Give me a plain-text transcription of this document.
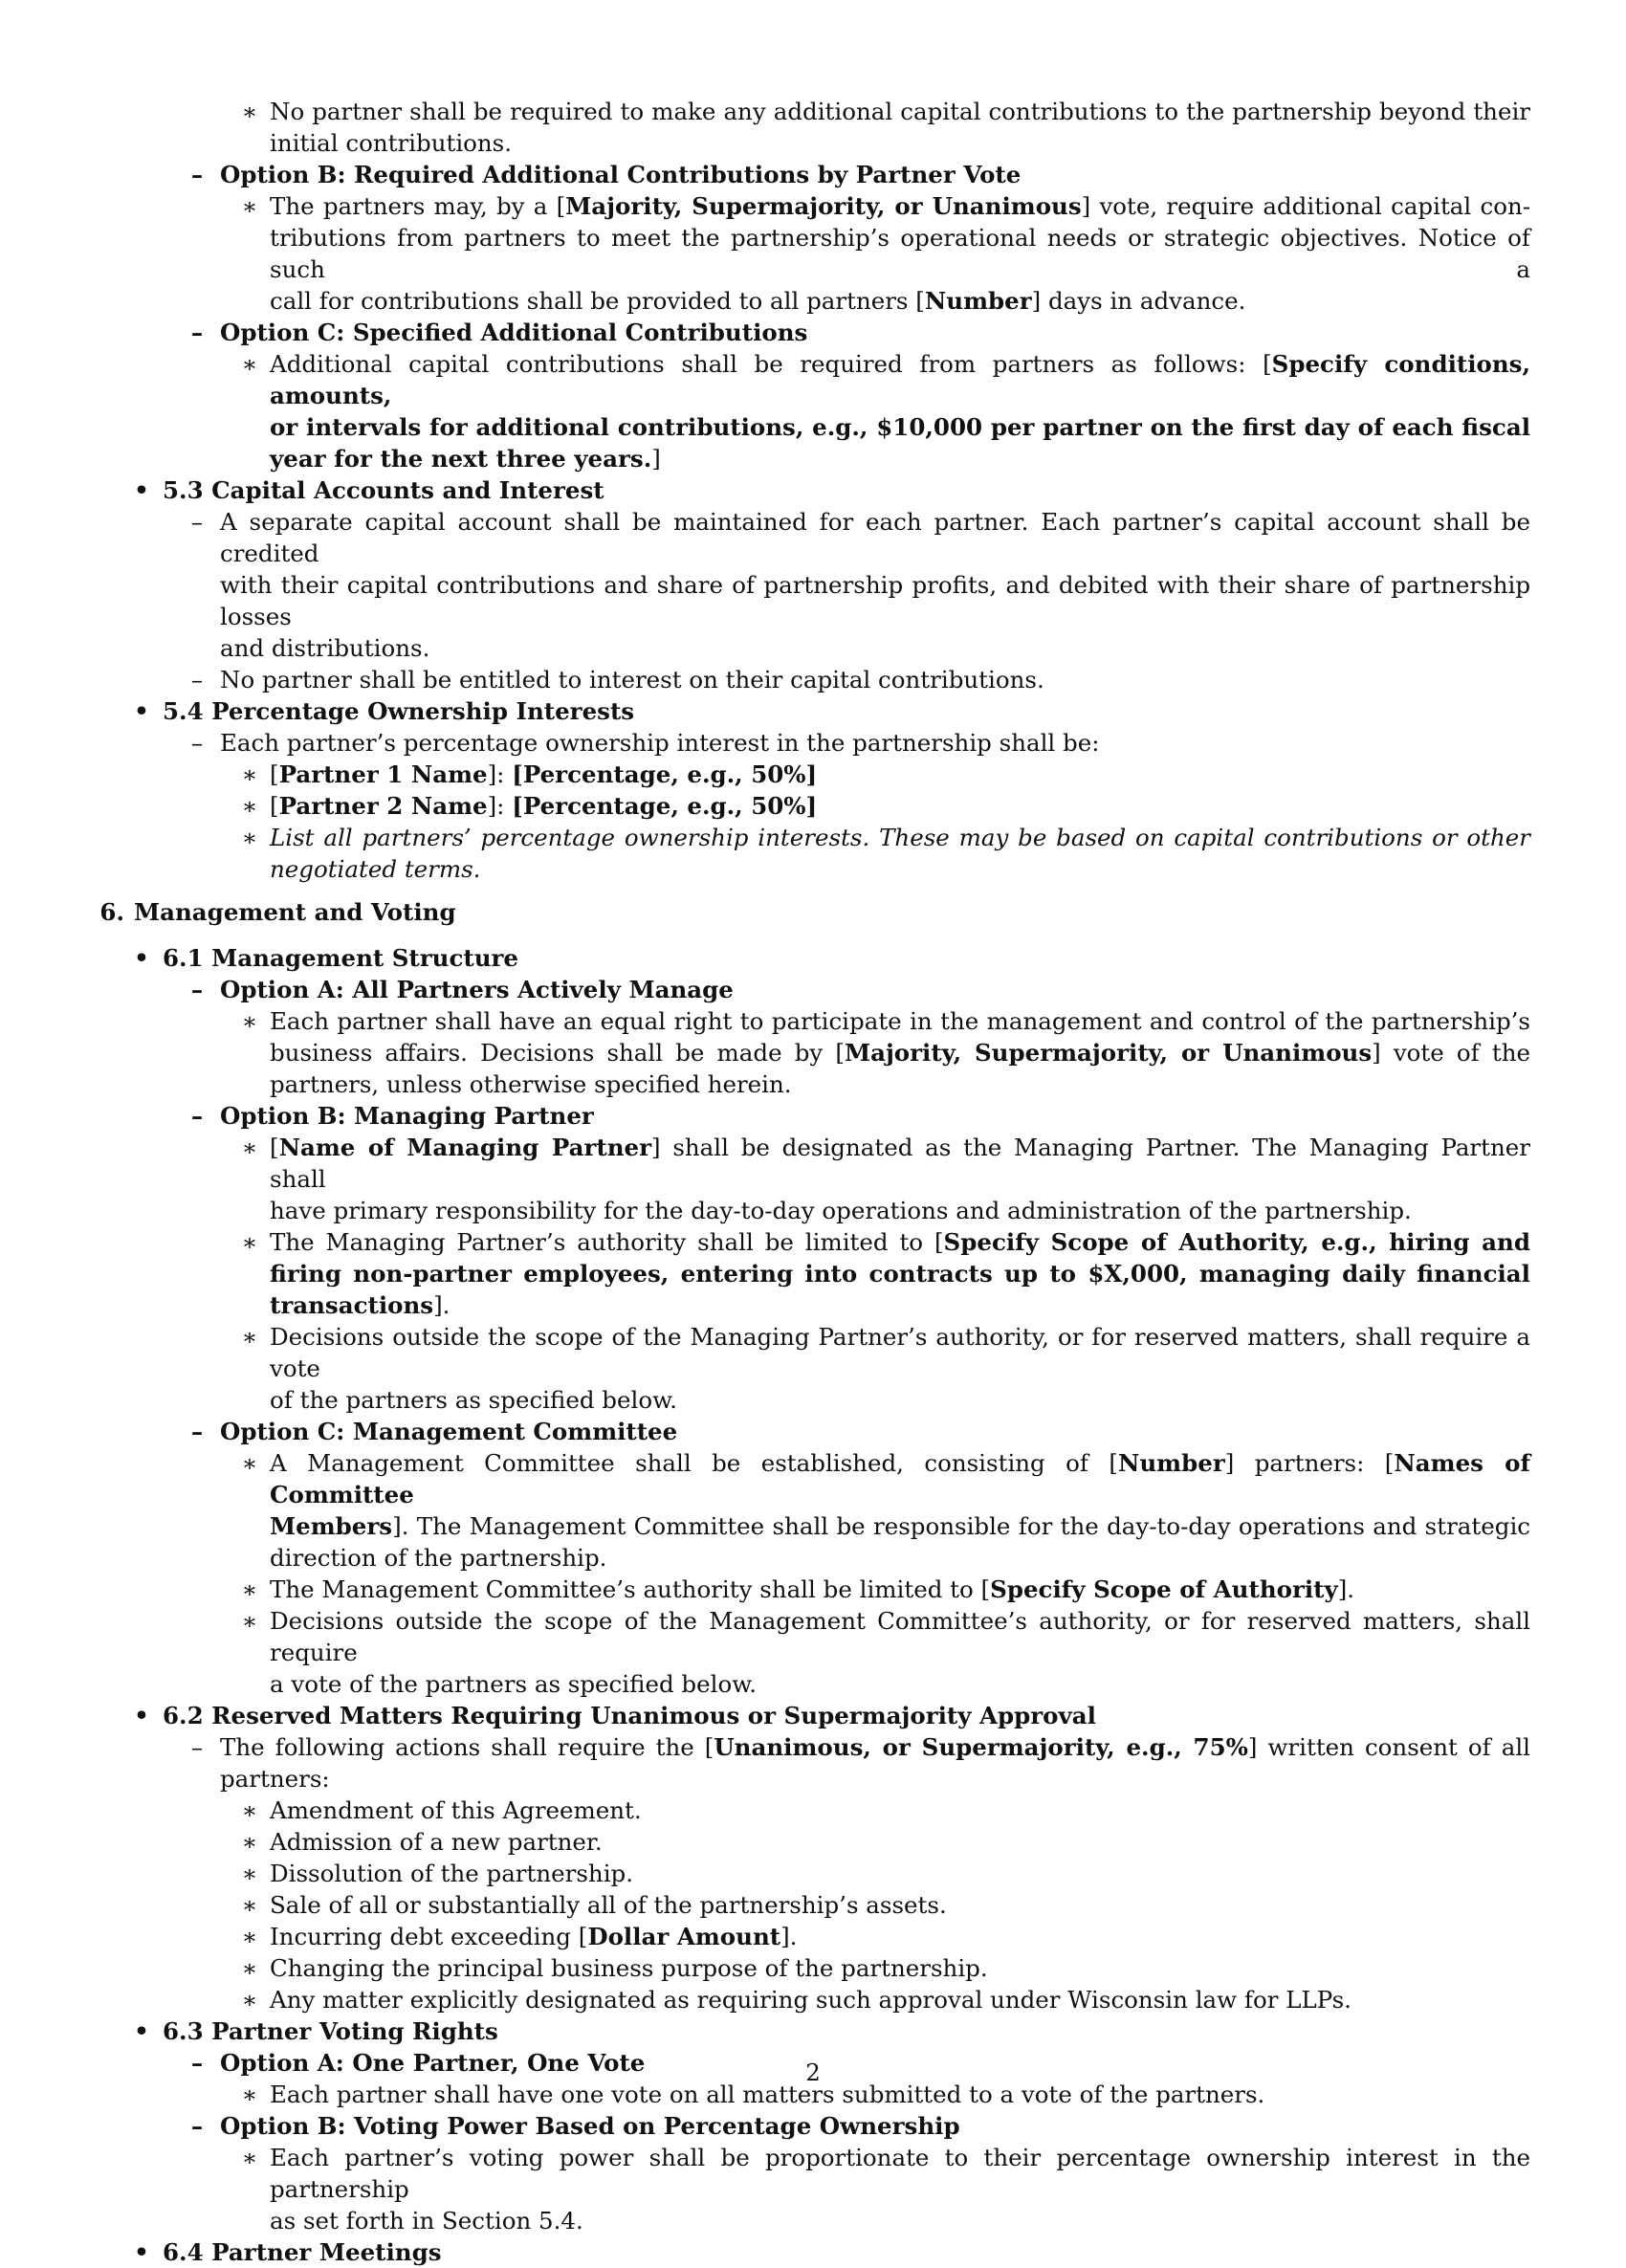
∗ No partner shall be required to make any additional capital contributions to the partnership beyond their
initial contributions.
– Option B: Required Additional Contributions by Partner Vote
∗ The partners may, by a [Majority, Supermajority, or Unanimous] vote, require additional capital con-
tributions from partners to meet the partnership’s operational needs or strategic objectives. Notice of such a
call for contributions shall be provided to all partners [Number] days in advance.
– Option C: Specified Additional Contributions
∗ Additional capital contributions shall be required from partners as follows: [Specify conditions, amounts,
or intervals for additional contributions, e.g., $10,000 per partner on the first day of each fiscal
year for the next three years.]
• 5.3 Capital Accounts and Interest
– A separate capital account shall be maintained for each partner. Each partner’s capital account shall be credited
with their capital contributions and share of partnership profits, and debited with their share of partnership losses
and distributions.
– No partner shall be entitled to interest on their capital contributions.
• 5.4 Percentage Ownership Interests
– Each partner’s percentage ownership interest in the partnership shall be:
∗ [Partner 1 Name]: [Percentage, e.g., 50%]
∗ [Partner 2 Name]: [Percentage, e.g., 50%]
∗ List all partners’ percentage ownership interests. These may be based on capital contributions or other
negotiated terms.
6. Management and Voting
• 6.1 Management Structure
– Option A: All Partners Actively Manage
∗ Each partner shall have an equal right to participate in the management and control of the partnership’s
business affairs. Decisions shall be made by [Majority, Supermajority, or Unanimous] vote of the
partners, unless otherwise specified herein.
– Option B: Managing Partner
∗ [Name of Managing Partner] shall be designated as the Managing Partner. The Managing Partner shall
have primary responsibility for the day-to-day operations and administration of the partnership.
∗ The Managing Partner’s authority shall be limited to [Specify Scope of Authority, e.g., hiring and
firing non-partner employees, entering into contracts up to $X,000, managing daily financial
transactions].
∗ Decisions outside the scope of the Managing Partner’s authority, or for reserved matters, shall require a vote
of the partners as specified below.
– Option C: Management Committee
∗ A Management Committee shall be established, consisting of [Number] partners: [Names of Committee
Members]. The Management Committee shall be responsible for the day-to-day operations and strategic
direction of the partnership.
∗ The Management Committee’s authority shall be limited to [Specify Scope of Authority].
∗ Decisions outside the scope of the Management Committee’s authority, or for reserved matters, shall require
a vote of the partners as specified below.
• 6.2 Reserved Matters Requiring Unanimous or Supermajority Approval
– The following actions shall require the [Unanimous, or Supermajority, e.g., 75%] written consent of all
partners:
∗ Amendment of this Agreement.
∗ Admission of a new partner.
∗ Dissolution of the partnership.
∗ Sale of all or substantially all of the partnership’s assets.
∗ Incurring debt exceeding [Dollar Amount].
∗ Changing the principal business purpose of the partnership.
∗ Any matter explicitly designated as requiring such approval under Wisconsin law for LLPs.
• 6.3 Partner Voting Rights
– Option A: One Partner, One Vote
∗ Each partner shall have one vote on all matters submitted to a vote of the partners.
– Option B: Voting Power Based on Percentage Ownership
∗ Each partner’s voting power shall be proportionate to their percentage ownership interest in the partnership
as set forth in Section 5.4.
• 6.4 Partner Meetings
2
